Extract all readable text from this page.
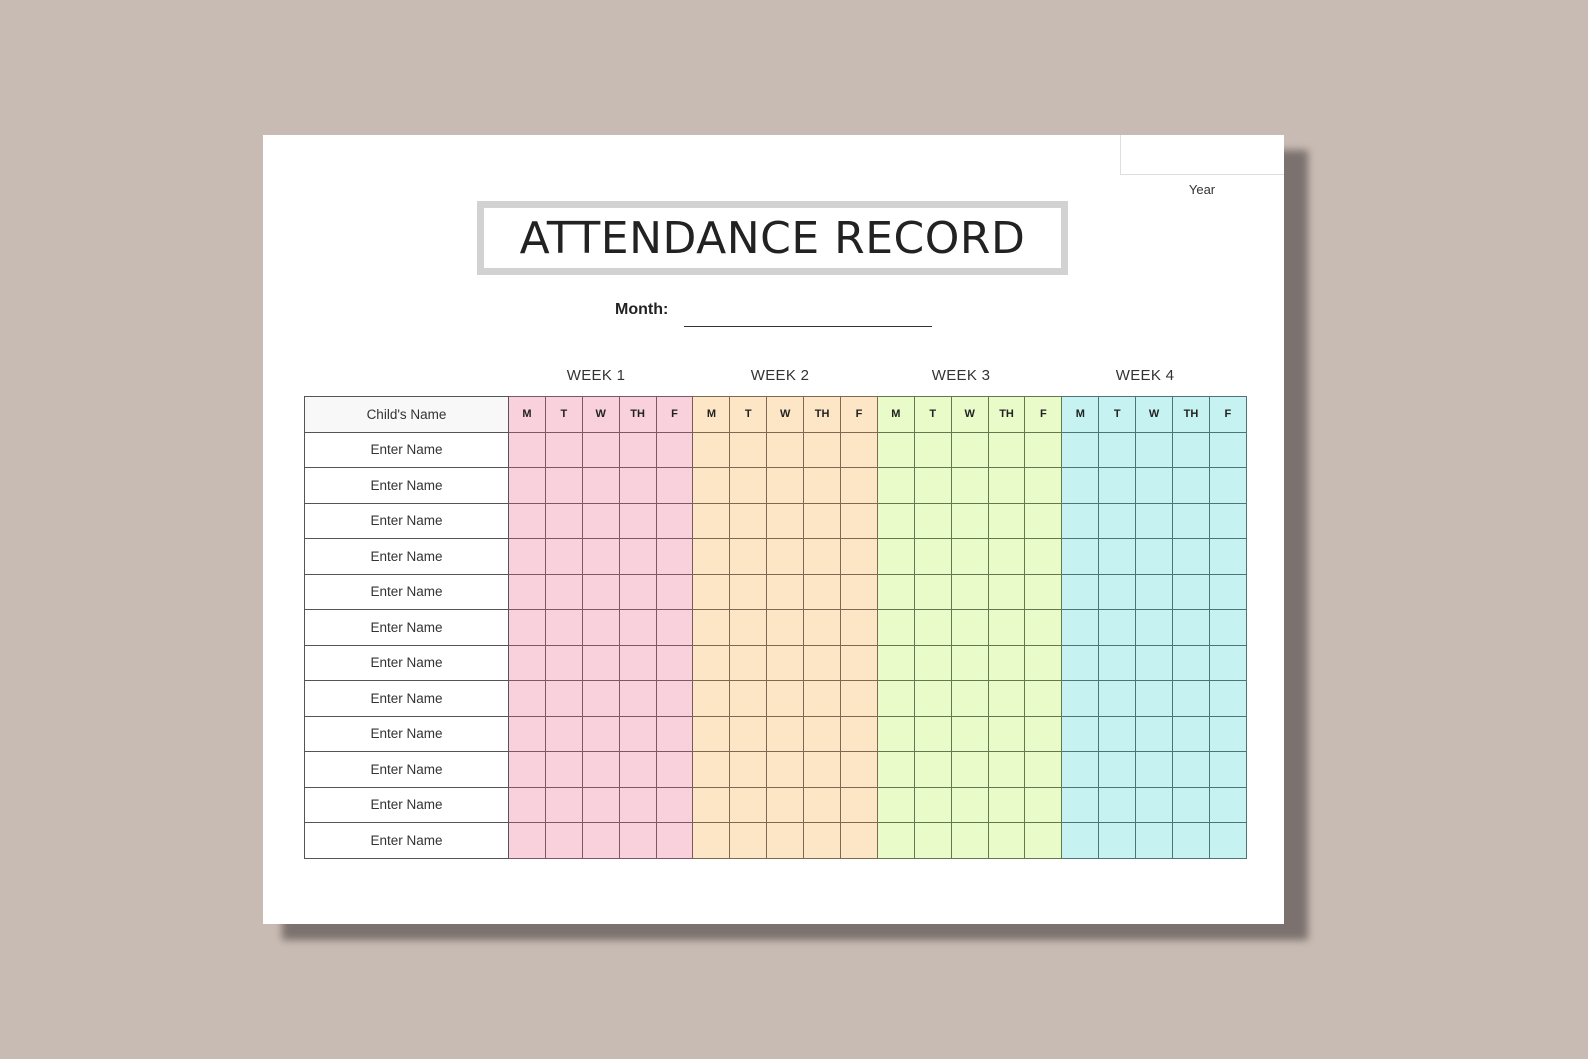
Year
ATTENDANCE RECORD
Month:
WEEK 1	WEEK 2	WEEK 3	WEEK 4
Child's Name	M	T	W	TH	F	M	T	W	TH	F	M	T	W	TH	F	M	T	W	TH	F
Enter Name																				
Enter Name																				
Enter Name																				
Enter Name																				
Enter Name																				
Enter Name																				
Enter Name																				
Enter Name																				
Enter Name																				
Enter Name																				
Enter Name																				
Enter Name																				
